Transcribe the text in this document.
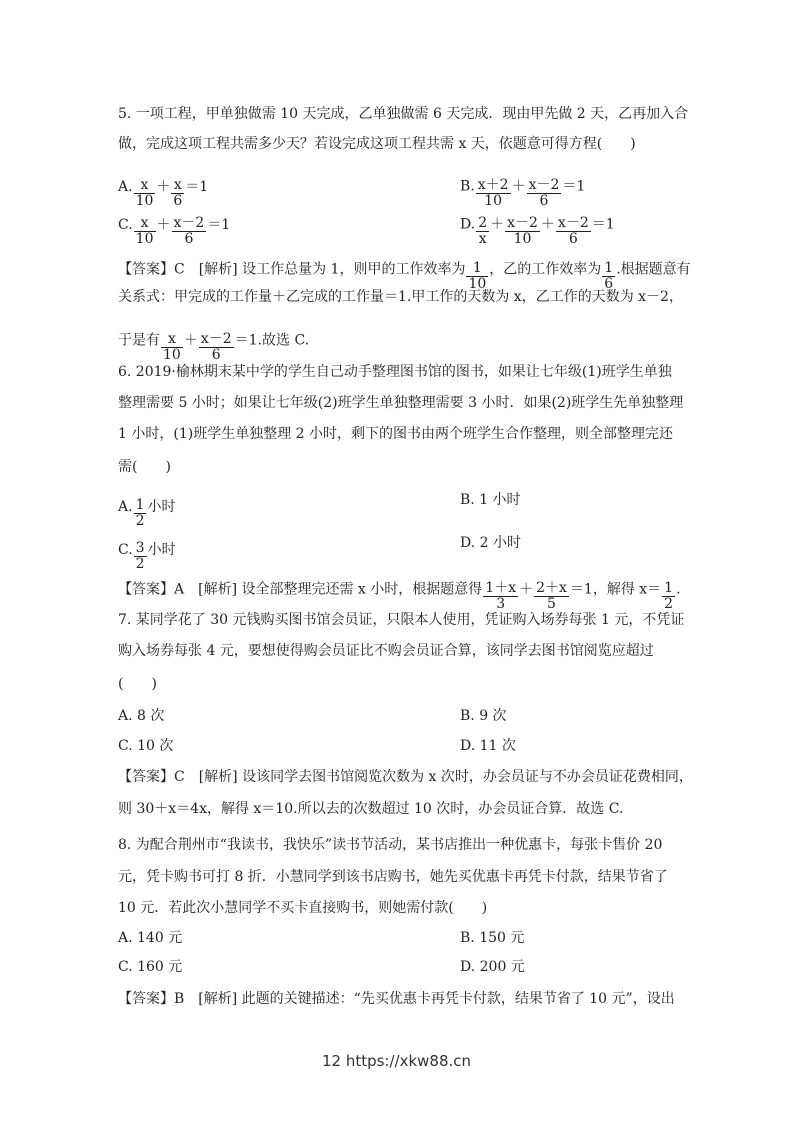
5. 一项工程，甲单独做需 10 天完成，乙单独做需 6 天完成．现由甲先做 2 天，乙再加入合
做，完成这项工程共需多少天？若设完成这项工程共需 x 天，依题意可得方程(　　)
A. $\frac{x}{10} + \frac{x}{6} =1$	B. $\frac{x+2}{10} + \frac{x-2}{6} =1$
C. $\frac{x}{10} + \frac{x-2}{6} =1$	D. $\frac{2}{x} + \frac{x-2}{10} + \frac{x-2}{6} =1$
【答案】C　[解析] 设工作总量为 1，则甲的工作效率为 $\frac{1}{10}$ ，乙的工作效率为 $\frac{1}{6}$ .根据题意有
关系式：甲完成的工作量＋乙完成的工作量＝1.甲工作的天数为 x，乙工作的天数为 x－2，
于是有 $\frac{x}{10} + \frac{x-2}{6} =1$.故选 C.
6. 2019·榆林期末某中学的学生自己动手整理图书馆的图书，如果让七年级(1)班学生单独
整理需要 5 小时；如果让七年级(2)班学生单独整理需要 3 小时．如果(2)班学生先单独整理
1 小时，(1)班学生单独整理 2 小时，剩下的图书由两个班学生合作整理，则全部整理完还
需(　　)
A. $\frac{1}{2}$ 小时	B. 1 小时
C. $\frac{3}{2}$ 小时	D. 2 小时
【答案】A　[解析] 设全部整理完还需 x 小时，根据题意得 $\frac{1+x}{3} + \frac{2+x}{5} =1$，解得 $x= \frac{1}{2}$ .
7. 某同学花了 30 元钱购买图书馆会员证，只限本人使用，凭证购入场券每张 1 元，不凭证
购入场券每张 4 元，要想使得购会员证比不购会员证合算，该同学去图书馆阅览应超过
(　　)
A. 8 次	B. 9 次
C. 10 次	D. 11 次
【答案】C　[解析] 设该同学去图书馆阅览次数为 x 次时，办会员证与不办会员证花费相同，
则 30＋x＝4x，解得 x＝10.所以去的次数超过 10 次时，办会员证合算．故选 C.
8. 为配合荆州市“我读书，我快乐”读书节活动，某书店推出一种优惠卡，每张卡售价 20
元，凭卡购书可打 8 折．小慧同学到该书店购书，她先买优惠卡再凭卡付款，结果节省了
10 元．若此次小慧同学不买卡直接购书，则她需付款(　　)
A. 140 元	B. 150 元
C. 160 元	D. 200 元
【答案】B　[解析] 此题的关键描述：“先买优惠卡再凭卡付款，结果节省了 10 元”，设出
12 https://xkw88.cn
